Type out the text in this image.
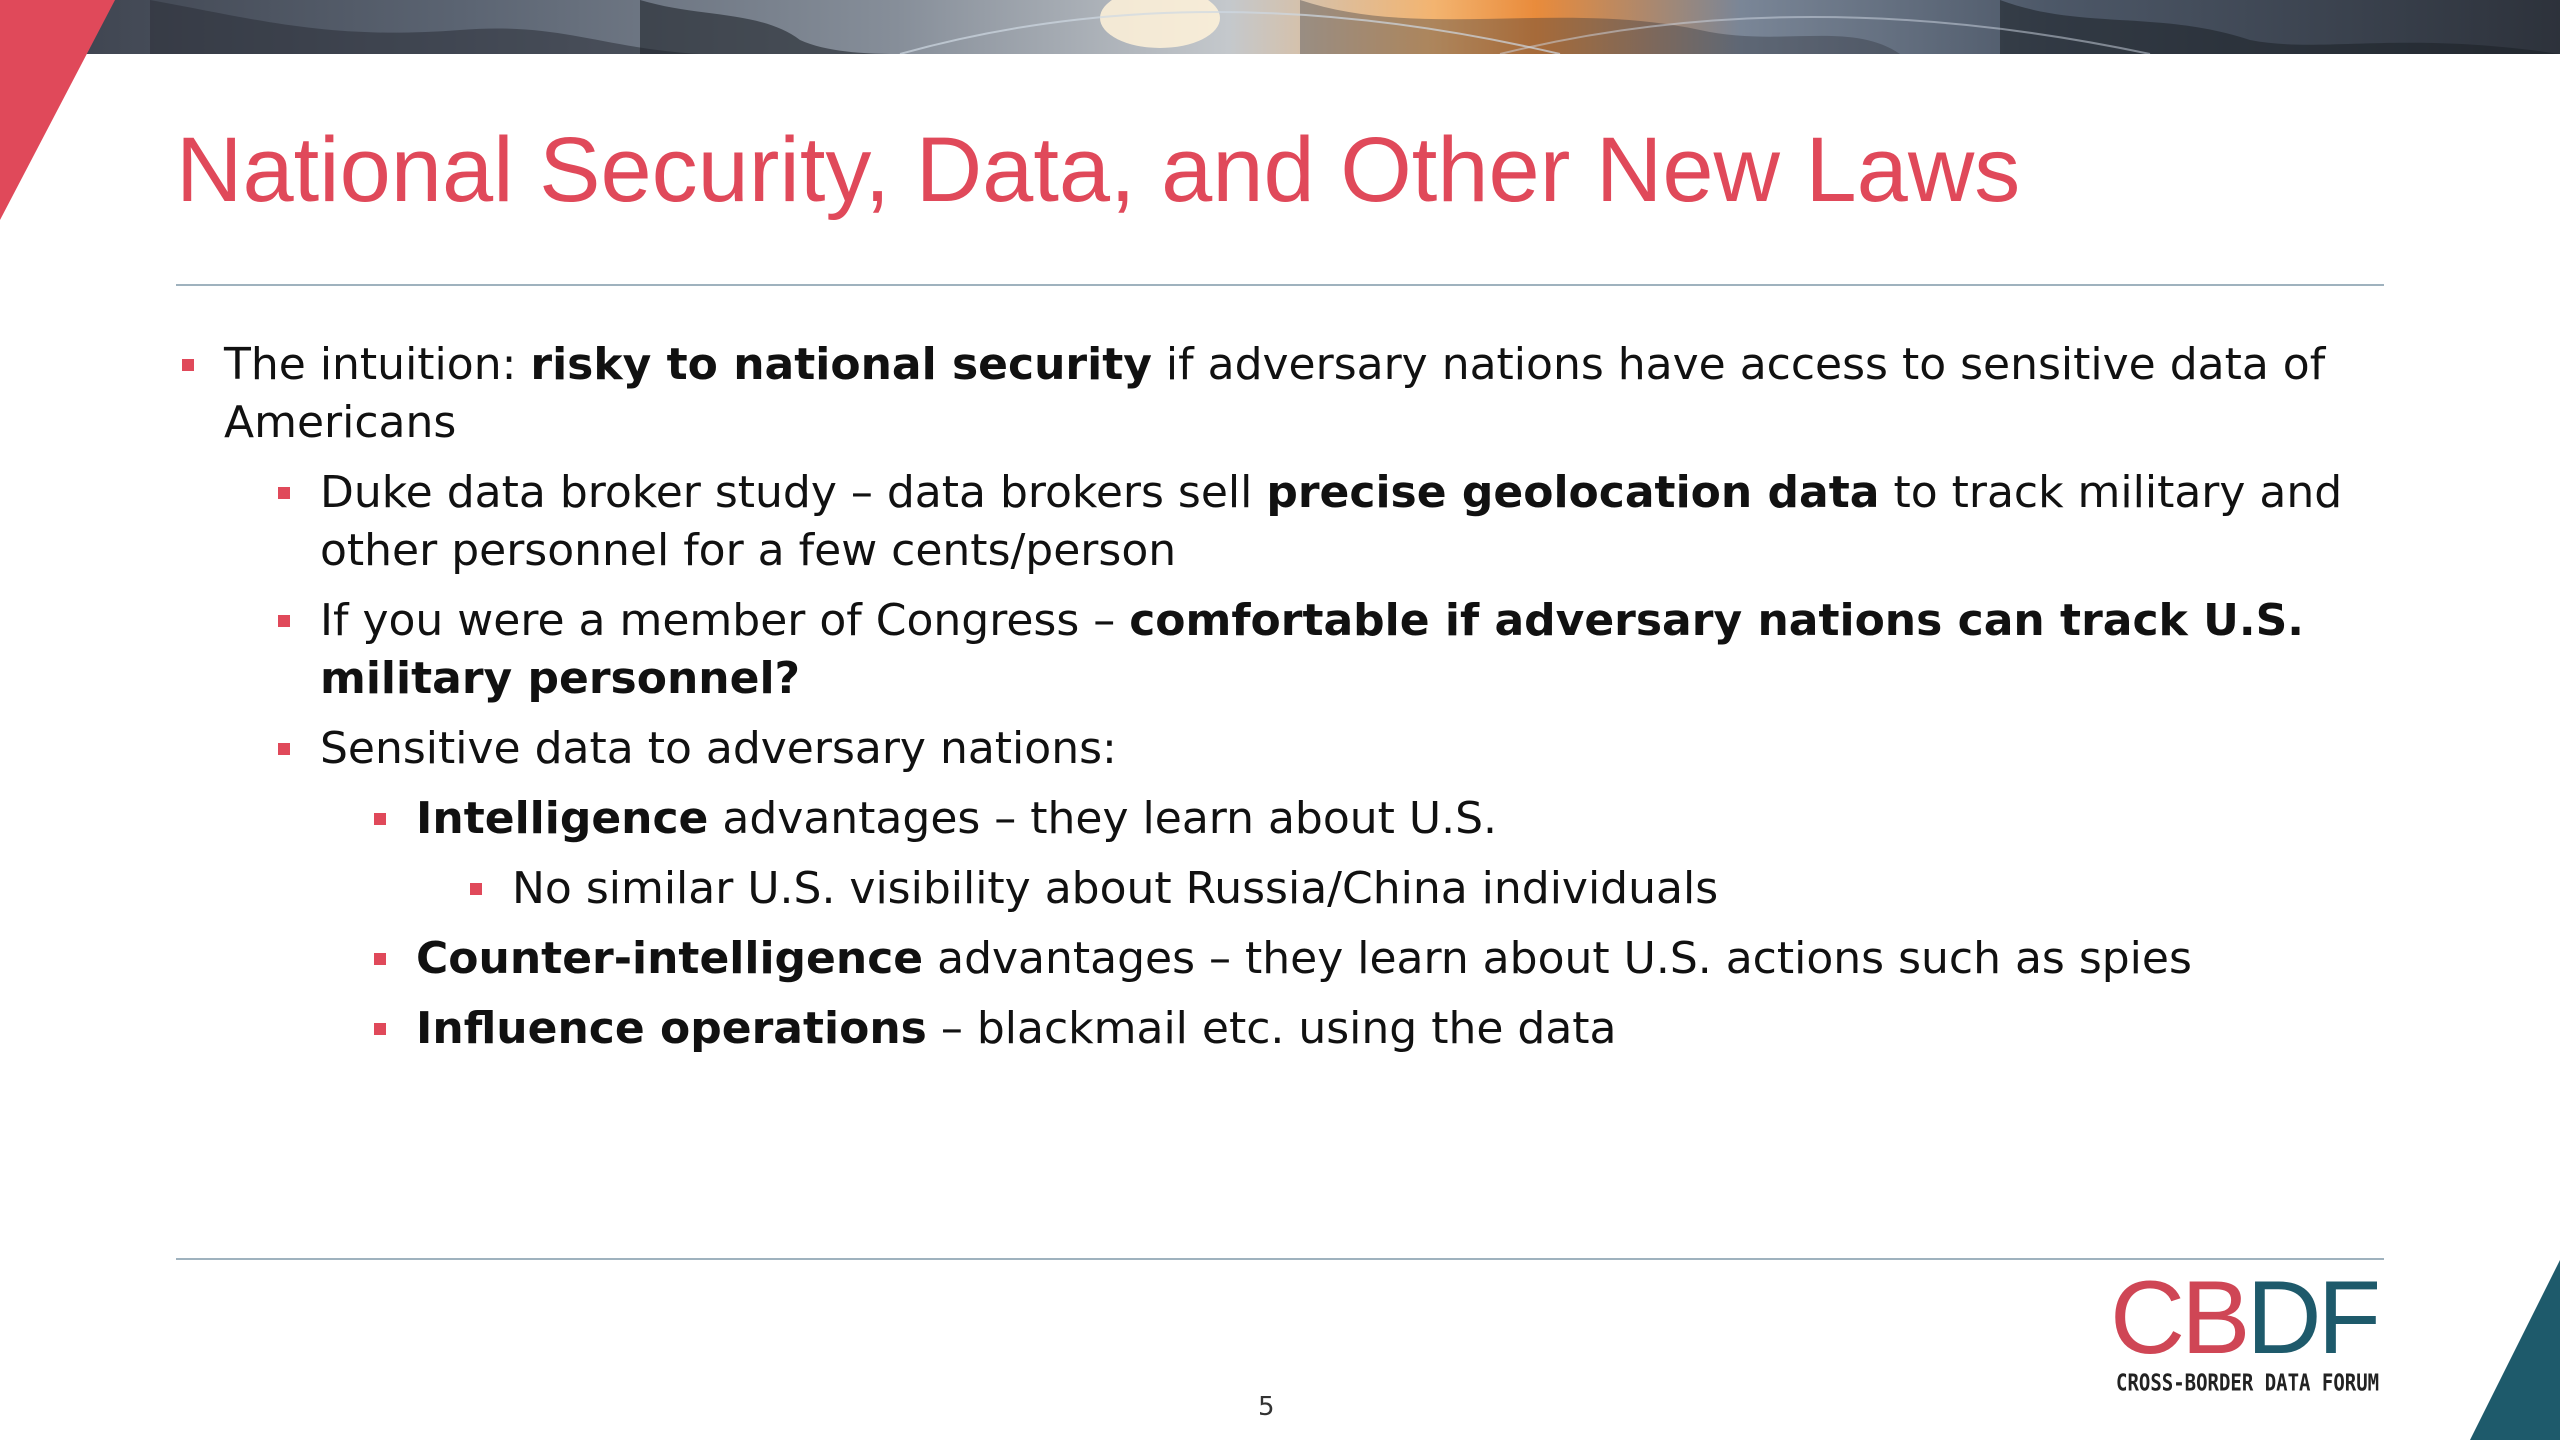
National Security, Data, and Other New Laws
The intuition: risky to national security if adversary nations have access to sensitive data of Americans
Duke data broker study – data brokers sell precise geolocation data to track military and other personnel for a few cents/person
If you were a member of Congress – comfortable if adversary nations can track U.S. military personnel?
Sensitive data to adversary nations:
Intelligence advantages – they learn about U.S.
No similar U.S. visibility about Russia/China individuals
Counter-intelligence advantages – they learn about U.S. actions such as spies
Influence operations – blackmail etc. using the data
5
CBDF
CROSS-BORDER DATA FORUM
